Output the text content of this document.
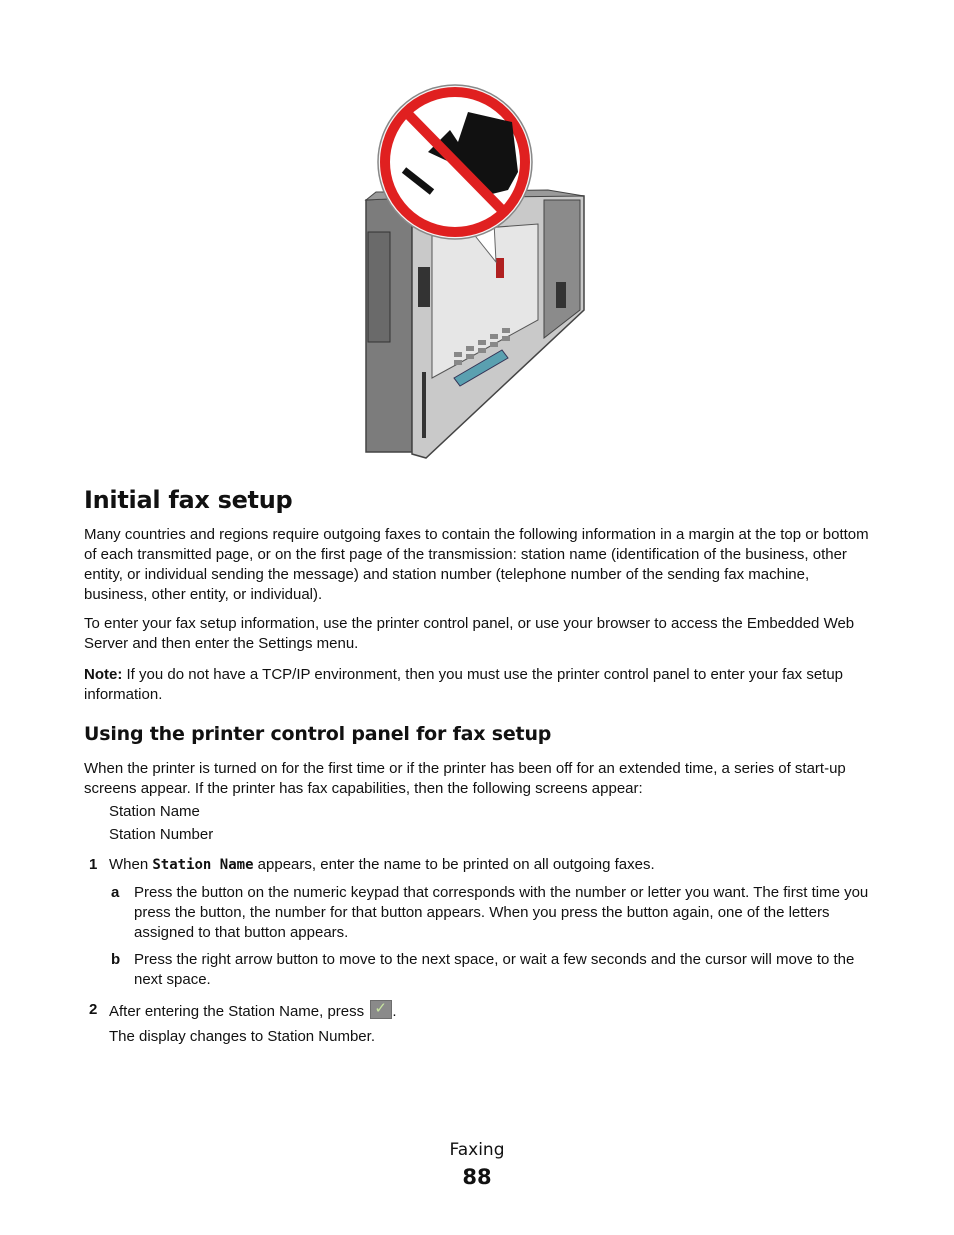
Initial fax setup

Many countries and regions require outgoing faxes to contain the following information in a margin at the top or bottom of each transmitted page, or on the first page of the transmission: station name (identification of the business, other entity, or individual sending the message) and station number (telephone number of the sending fax machine, business, other entity, or individual).

To enter your fax setup information, use the printer control panel, or use your browser to access the Embedded Web Server and then enter the Settings menu.

Note: If you do not have a TCP/IP environment, then you must use the printer control panel to enter your fax setup information.

Using the printer control panel for fax setup

When the printer is turned on for the first time or if the printer has been off for an extended time, a series of start-up screens appear. If the printer has fax capabilities, then the following screens appear:

Station Name

Station Number

1 When Station Name appears, enter the name to be printed on all outgoing faxes.

a Press the button on the numeric keypad that corresponds with the number or letter you want. The first time you press the button, the number for that button appears. When you press the button again, one of the letters assigned to that button appears.

b Press the right arrow button to move to the next space, or wait a few seconds and the cursor will move to the next space.

2 After entering the Station Name, press ✓.

The display changes to Station Number.

Faxing
88
